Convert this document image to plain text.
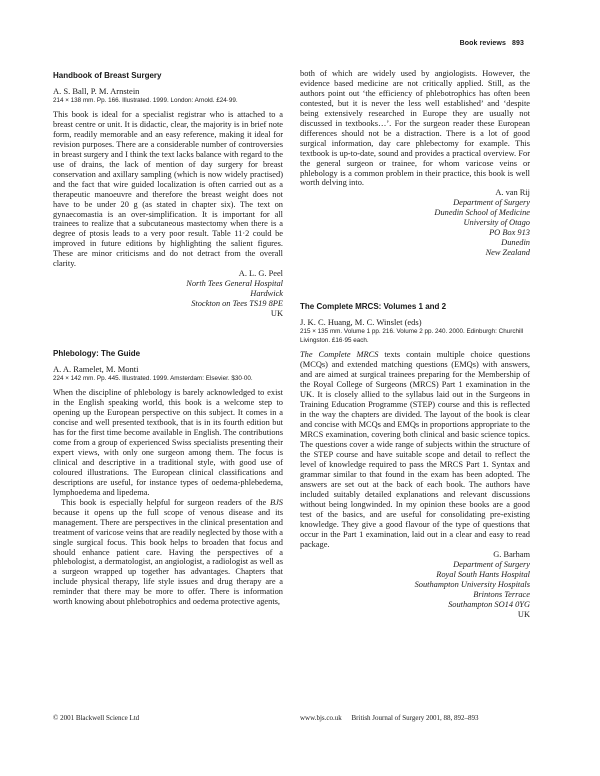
Book reviews 893

Handbook of Breast Surgery

A. S. Ball, P. M. Arnstein

214 × 138 mm. Pp. 166. Illustrated. 1999. London: Arnold. £24·99.

This book is ideal for a specialist registrar who is attached to a breast centre or unit. It is didactic, clear, the majority is in brief note form, readily memorable and an easy reference, making it ideal for revision purposes. There are a considerable number of controversies in breast surgery and I think the text lacks balance with regard to the use of drains, the lack of mention of day surgery for breast conservation and axillary sampling (which is now widely practised) and the fact that wire guided localization is often carried out as a therapeutic manoeuvre and therefore the breast weight does not have to be under 20 g (as stated in chapter six). The text on gynaecomastia is an over-simplification. It is important for all trainees to realize that a subcutaneous mastectomy when there is a degree of ptosis leads to a very poor result. Table 11·2 could be improved in future editions by highlighting the salient figures. These are minor criticisms and do not detract from the overall clarity.

A. L. G. Peel

North Tees General Hospital

Hardwick

Stockton on Tees TS19 8PE

UK

Phlebology: The Guide

A. A. Ramelet, M. Monti

224 × 142 mm. Pp. 445. Illustrated. 1999. Amsterdam: Elsevier. $30·00.

When the discipline of phlebology is barely acknowledged to exist in the English speaking world, this book is a welcome step to opening up the European perspective on this subject. It comes in a concise and well presented textbook, that is in its fourth edition but has for the first time become available in English. The contributions come from a group of experienced Swiss specialists presenting their expert views, with only one surgeon among them. The focus is clinical and descriptive in a traditional style, with good use of coloured illustrations. The European clinical classifications and descriptions are useful, for instance types of oedema-phlebedema, lymphoedema and lipedema.

This book is especially helpful for surgeon readers of the BJS because it opens up the full scope of venous disease and its management. There are perspectives in the clinical presentation and treatment of varicose veins that are readily neglected by those with a single surgical focus. This book helps to broaden that focus and should enhance patient care. Having the perspectives of a phlebologist, a dermatologist, an angiologist, a radiologist as well as a surgeon wrapped up together has advantages. Chapters that include physical therapy, life style issues and drug therapy are a reminder that there may be more to offer. There is information worth knowing about phlebotrophics and oedema protective agents,

both of which are widely used by angiologists. However, the evidence based medicine are not critically applied. Still, as the authors point out ‘the efficiency of phlebotrophics has often been contested, but it is never the less well established’ and ‘despite being extensively researched in Europe they are usually not discussed in textbooks…’. For the surgeon reader these European differences should not be a distraction. There is a lot of good surgical information, day care phlebectomy for example. This textbook is up-to-date, sound and provides a practical overview. For the general surgeon or trainee, for whom varicose veins or phlebology is a common problem in their practice, this book is well worth delving into.

A. van Rij

Department of Surgery

Dunedin School of Medicine

University of Otago

PO Box 913

Dunedin

New Zealand

The Complete MRCS: Volumes 1 and 2

J. K. C. Huang, M. C. Winslet (eds)

215 × 135 mm. Volume 1 pp. 216. Volume 2 pp. 240. 2000. Edinburgh: Churchill Livingston. £16·95 each.

The Complete MRCS texts contain multiple choice questions (MCQs) and extended matching questions (EMQs) with answers, and are aimed at surgical trainees preparing for the Membership of the Royal College of Surgeons (MRCS) Part 1 examination in the UK. It is closely allied to the syllabus laid out in the Surgeons in Training Education Programme (STEP) course and this is reflected in the way the chapters are divided. The layout of the book is clear and concise with MCQs and EMQs in proportions appropriate to the MRCS examination, covering both clinical and basic science topics. The questions cover a wide range of subjects within the structure of the STEP course and have suitable scope and detail to reflect the level of knowledge required to pass the MRCS Part 1. Syntax and grammar similar to that found in the exam has been adopted. The answers are set out at the back of each book. The authors have included suitably detailed explanations and relevant discussions without being longwinded. In my opinion these books are a good test of the basics, and are useful for consolidating pre-existing knowledge. They give a good flavour of the type of questions that occur in the Part 1 examination, laid out in a clear and easy to read package.

G. Barham

Department of Surgery

Royal South Hants Hospital

Southampton University Hospitals

Brintons Terrace

Southampton SO14 0YG

UK

© 2001 Blackwell Science Ltd	www.bjs.co.uk British Journal of Surgery 2001, 88, 892–893
